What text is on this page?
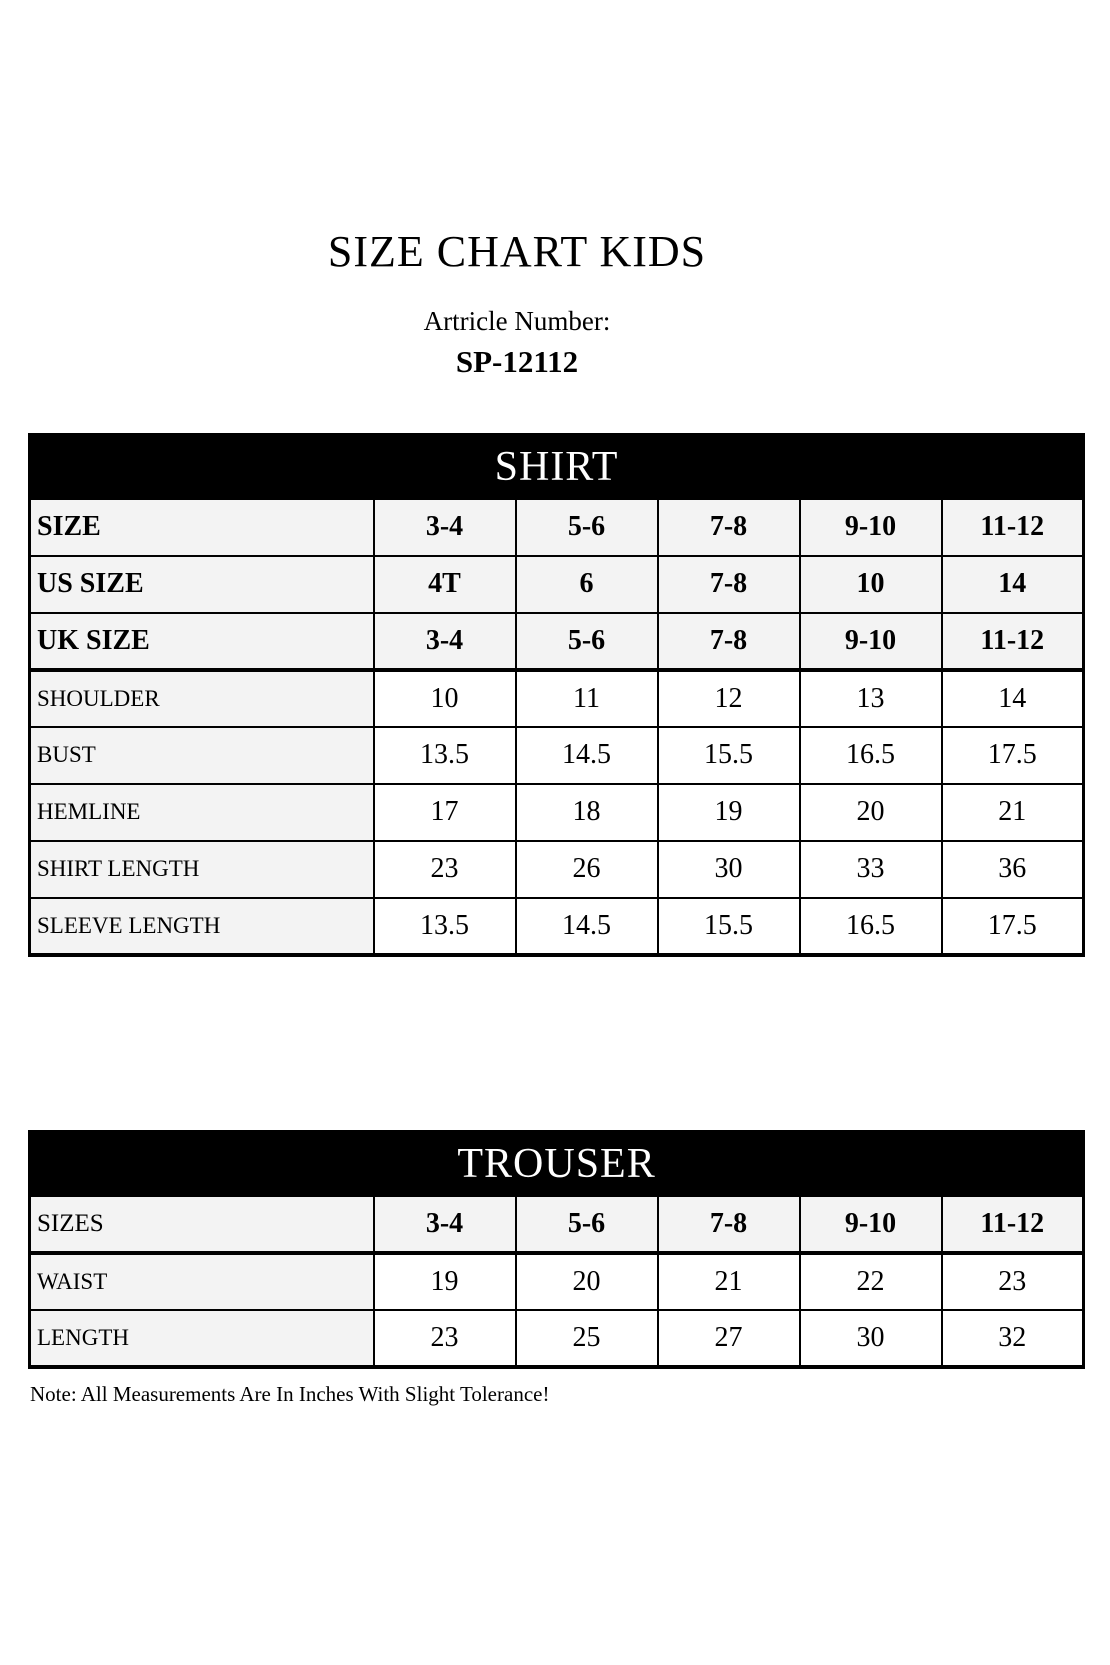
SIZE CHART KIDS
Artricle Number:
SP-12112
SHIRT					
SIZE	3-4	5-6	7-8	9-10	11-12
US SIZE	4T	6	7-8	10	14
UK SIZE	3-4	5-6	7-8	9-10	11-12
SHOULDER	10	11	12	13	14
BUST	13.5	14.5	15.5	16.5	17.5
HEMLINE	17	18	19	20	21
SHIRT LENGTH	23	26	30	33	36
SLEEVE LENGTH	13.5	14.5	15.5	16.5	17.5
TROUSER					
SIZES	3-4	5-6	7-8	9-10	11-12
WAIST	19	20	21	22	23
LENGTH	23	25	27	30	32
Note: All Measurements Are In Inches With Slight Tolerance!
